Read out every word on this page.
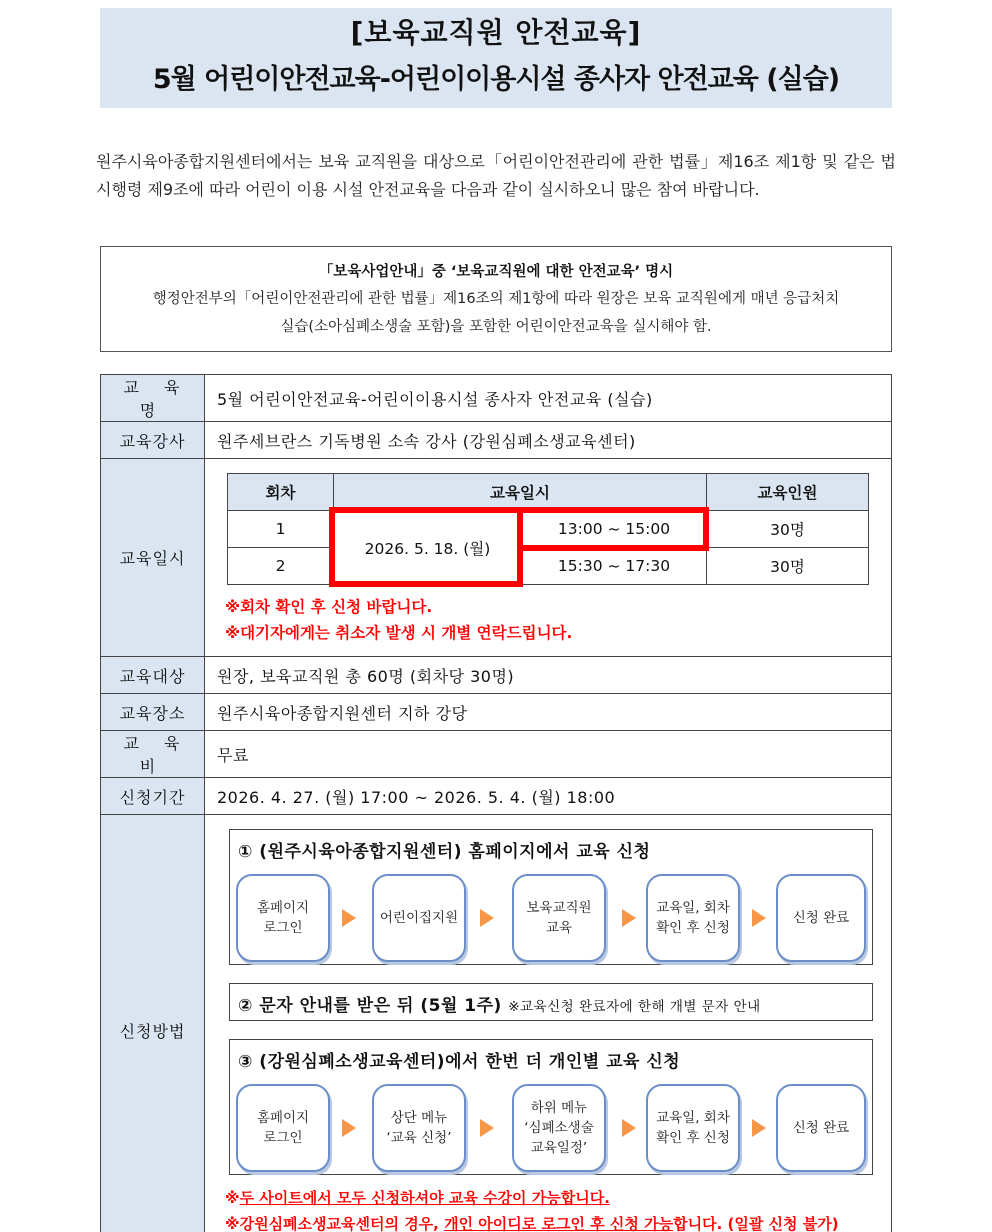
[보육교직원 안전교육]
5월 어린이안전교육-어린이이용시설 종사자 안전교육 (실습)

원주시육아종합지원센터에서는 보육 교직원을 대상으로「어린이안전관리에 관한 법률」제16조 제1항 및 같은 법 시행령 제9조에 따라 어린이 이용 시설 안전교육을 다음과 같이 실시하오니 많은 참여 바랍니다.

「보육사업안내」중 ‘보육교직원에 대한 안전교육’ 명시
행정안전부의「어린이안전관리에 관한 법률」제16조의 제1항에 따라 원장은 보육 교직원에게 매년 응급처치
실습(소아심폐소생술 포함)을 포함한 어린이안전교육을 실시해야 함.
교 육 명	5월 어린이안전교육-어린이이용시설 종사자 안전교육 (실습)
교육강사	원주세브란스 기독병원 소속 강사 (강원심폐소생교육센터)
교육일시	
회차	교육일시	교육인원
1	2026. 5. 18. (월)	13:00 ~ 15:00	30명
2	15:30 ~ 17:30	30명
※회차 확인 후 신청 바랍니다.
※대기자에게는 취소자 발생 시 개별 연락드립니다.

교육대상	원장, 보육교직원 총 60명 (회차당 30명)
교육장소	원주시육아종합지원센터 지하 강당
교 육 비	무료
신청기간	2026. 4. 27. (월) 17:00 ~ 2026. 5. 4. (월) 18:00
신청방법	
① (원주시육아종합지원센터) 홈페이지에서 교육 신청
홈페이지
로그인
어린이집지원
보육교직원
교육
교육일, 회차
확인 후 신청
신청 완료
② 문자 안내를 받은 뒤 (5월 1주) ※교육신청 완료자에 한해 개별 문자 안내
③ (강원심폐소생교육센터)에서 한번 더 개인별 교육 신청
홈페이지
로그인
상단 메뉴
‘교육 신청’
하위 메뉴
‘심폐소생술
교육일정’
교육일, 회차
확인 후 신청
신청 완료
※두 사이트에서 모두 신청하셔야 교육 수강이 가능합니다.
※강원심폐소생교육센터의 경우, 개인 아이디로 로그인 후 신청 가능합니다. (일괄 신청 불가)
